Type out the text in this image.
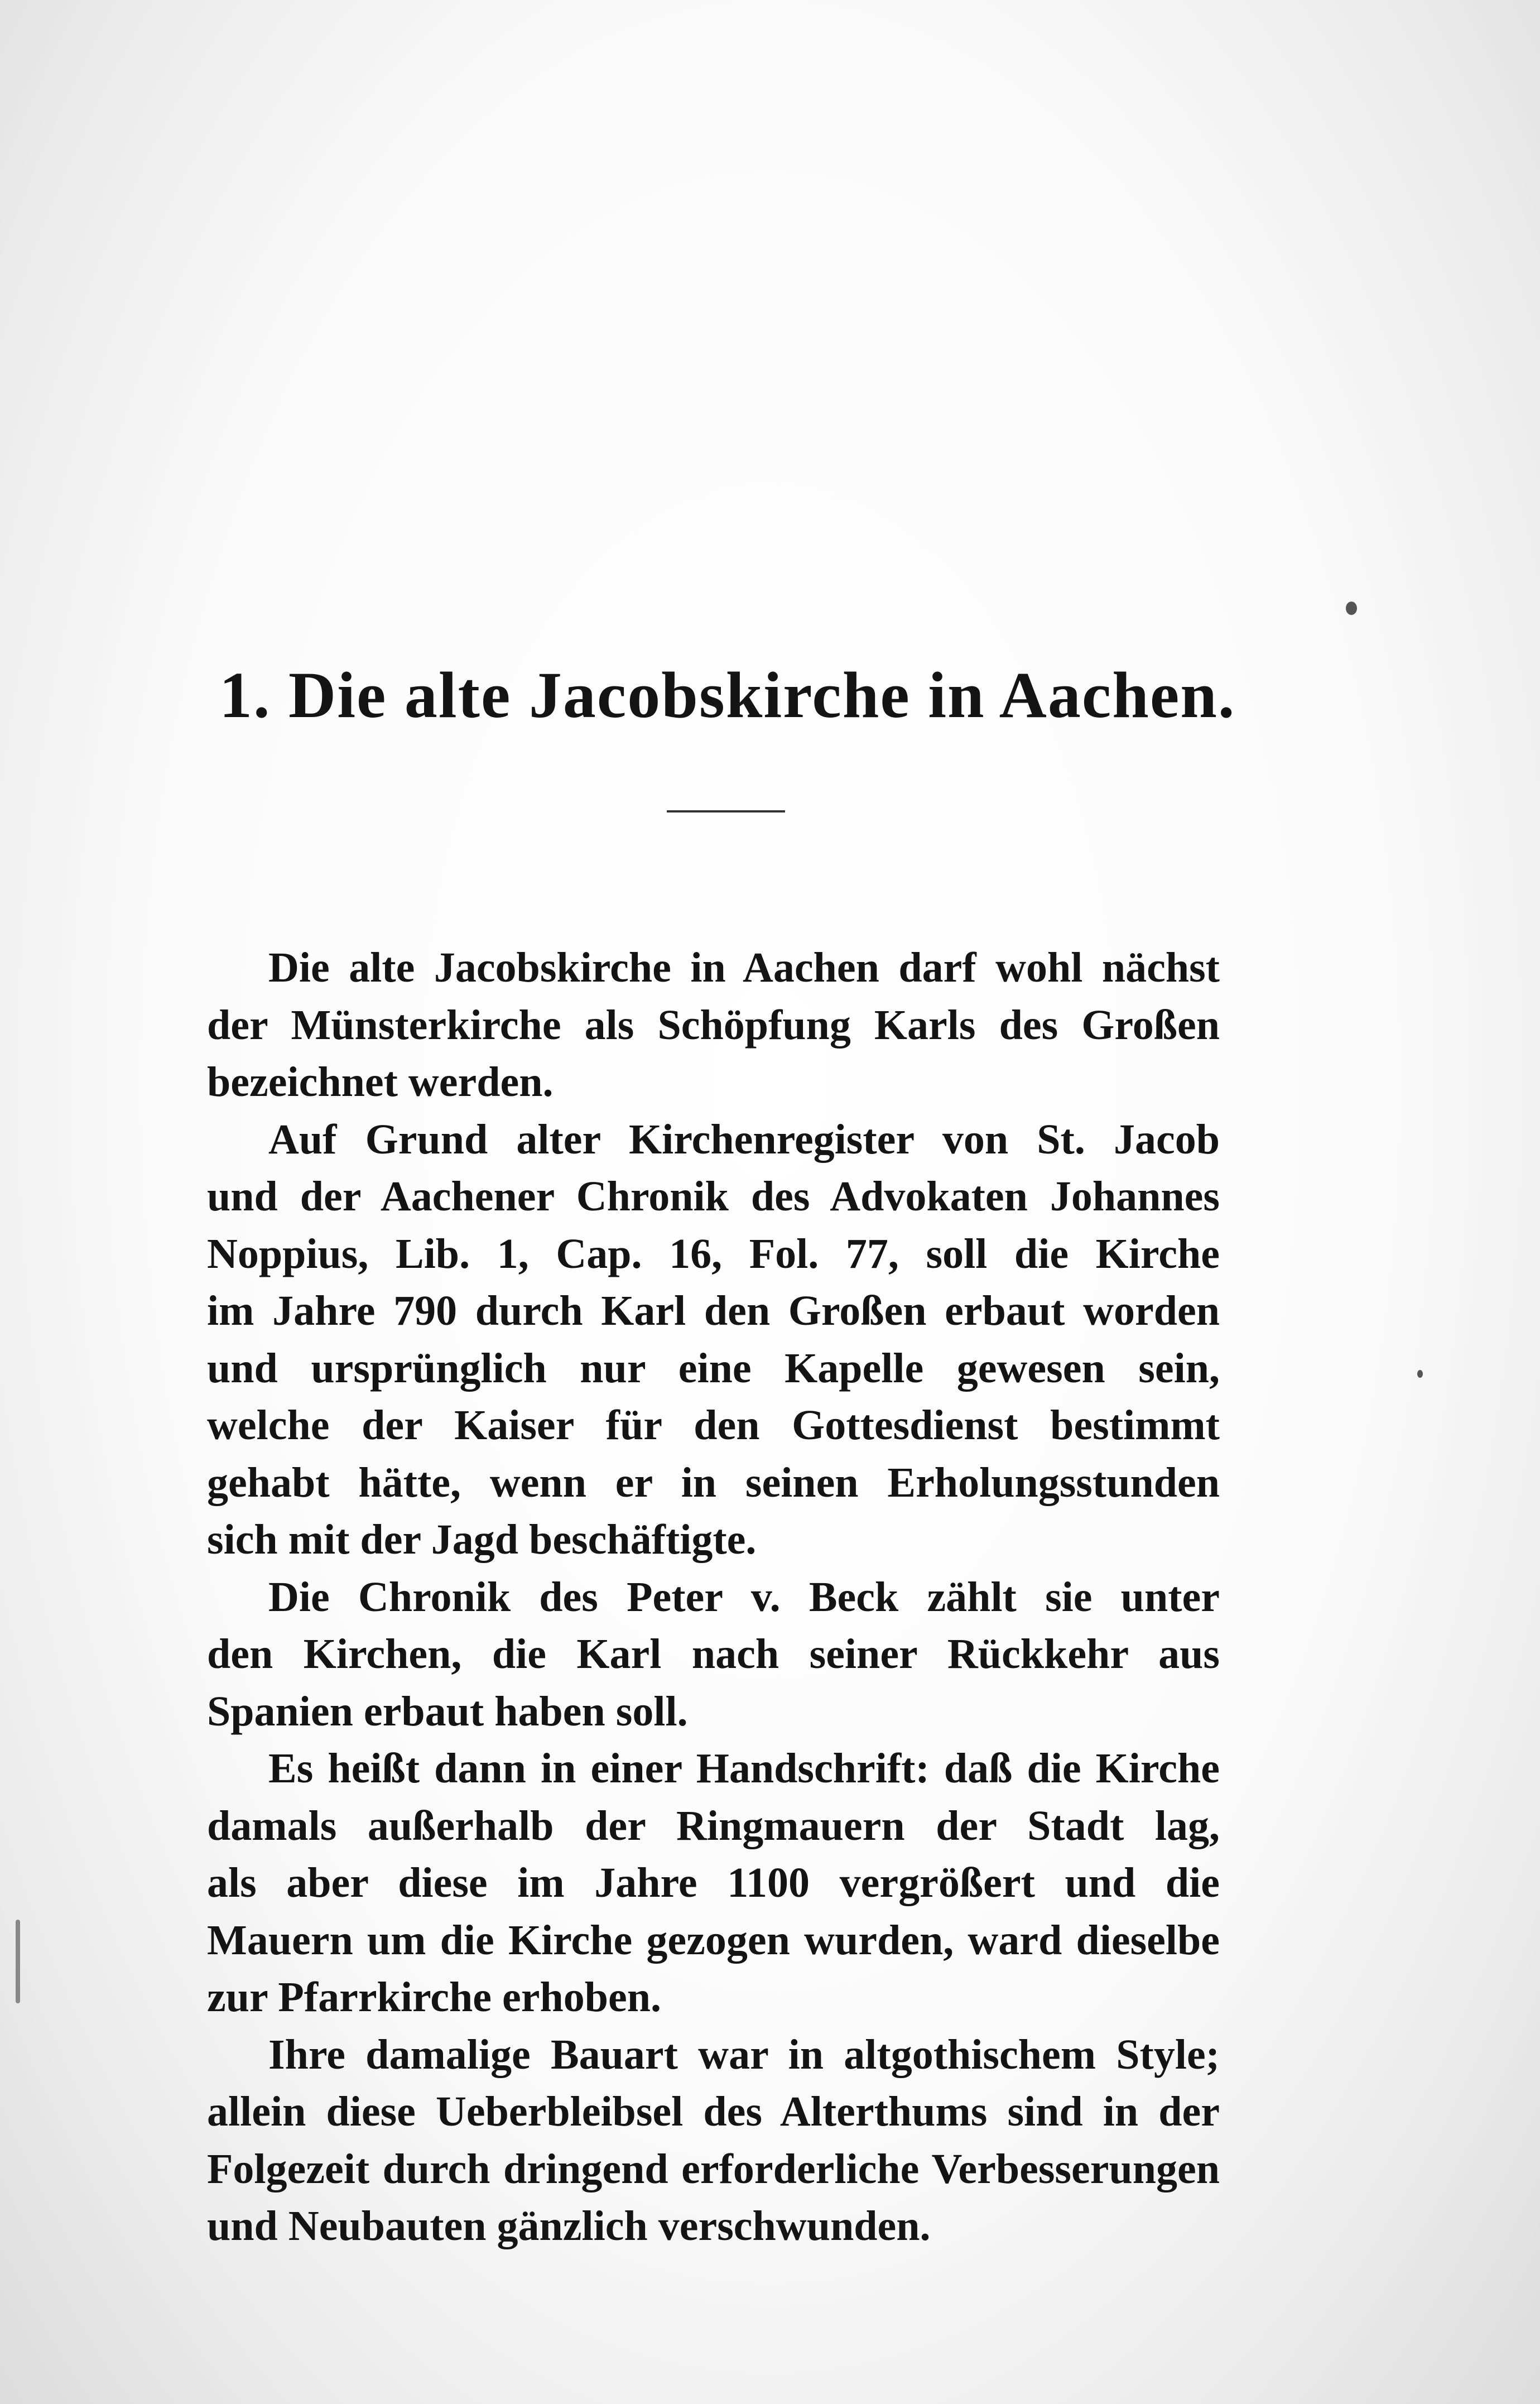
1. Die alte Jacobskirche in Aachen.
Die alte Jacobskirche in Aachen darf wohl nächst
der Münsterkirche als Schöpfung Karls des Großen
bezeichnet werden.
Auf Grund alter Kirchenregister von St. Jacob
und der Aachener Chronik des Advokaten Johannes
Noppius, Lib. 1, Cap. 16, Fol. 77, soll die Kirche
im Jahre 790 durch Karl den Großen erbaut worden
und ursprünglich nur eine Kapelle gewesen sein,
welche der Kaiser für den Gottesdienst bestimmt
gehabt hätte, wenn er in seinen Erholungsstunden
sich mit der Jagd beschäftigte.
Die Chronik des Peter v. Beck zählt sie unter
den Kirchen, die Karl nach seiner Rückkehr aus
Spanien erbaut haben soll.
Es heißt dann in einer Handschrift: daß die Kirche
damals außerhalb der Ringmauern der Stadt lag,
als aber diese im Jahre 1100 vergrößert und die
Mauern um die Kirche gezogen wurden, ward dieselbe
zur Pfarrkirche erhoben.
Ihre damalige Bauart war in altgothischem Style;
allein diese Ueberbleibsel des Alterthums sind in der
Folgezeit durch dringend erforderliche Verbesserungen
und Neubauten gänzlich verschwunden.
